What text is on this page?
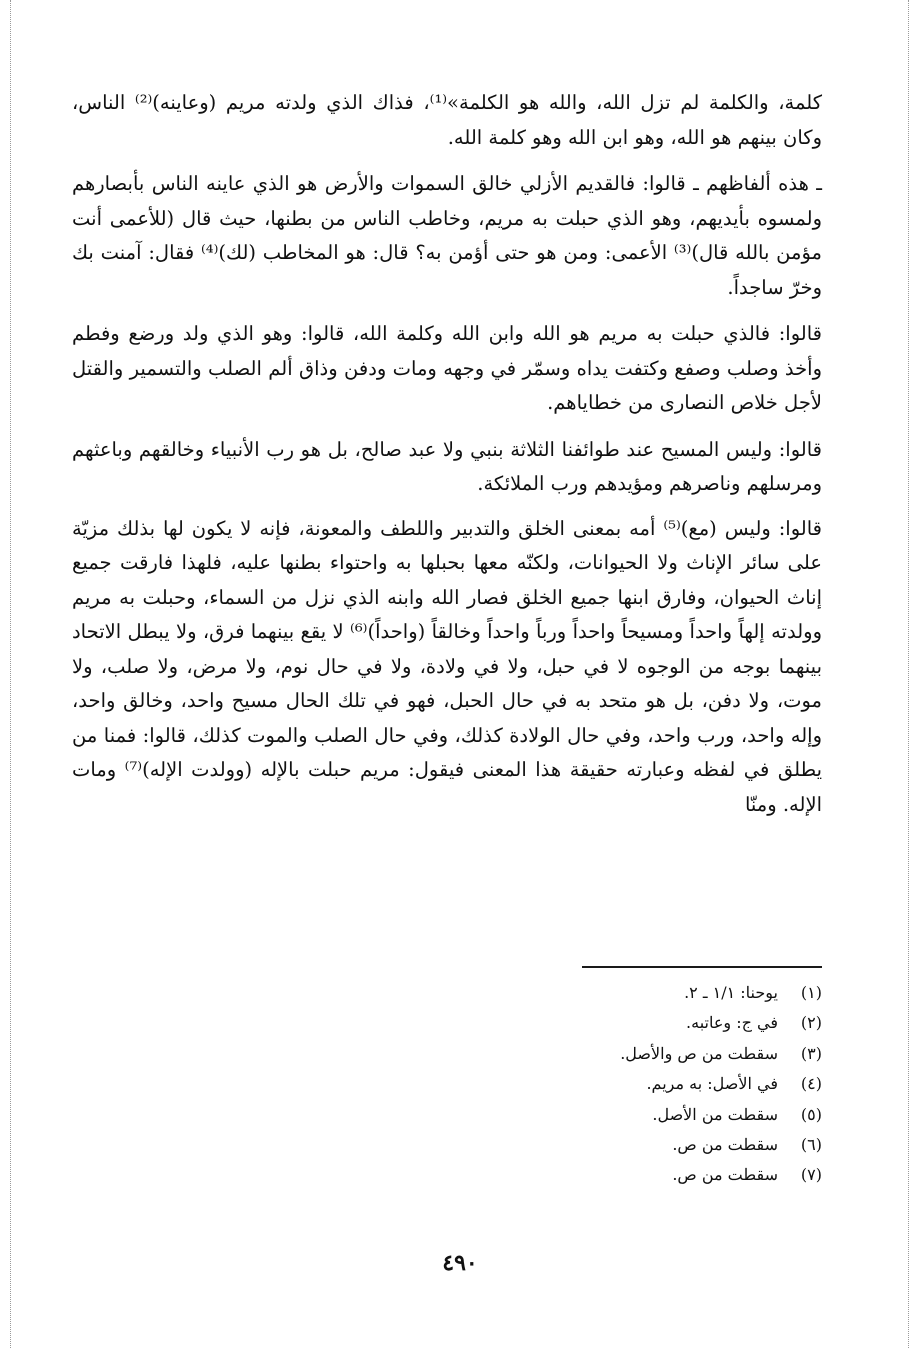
كلمة، والكلمة لم تزل الله، والله هو الكلمة»⁽¹⁾، فذاك الذي ولدته مريم (وعاينه)⁽²⁾ الناس، وكان بينهم هو الله، وهو ابن الله وهو كلمة الله.

ـ هذه ألفاظهم ـ قالوا: فالقديم الأزلي خالق السموات والأرض هو الذي عاينه الناس بأبصارهم ولمسوه بأيديهم، وهو الذي حبلت به مريم، وخاطب الناس من بطنها، حيث قال (للأعمى أنت مؤمن بالله قال)⁽³⁾ الأعمى: ومن هو حتى أؤمن به؟ قال: هو المخاطب (لك)⁽⁴⁾ فقال: آمنت بك وخرّ ساجداً.

قالوا: فالذي حبلت به مريم هو الله وابن الله وكلمة الله، قالوا: وهو الذي ولد ورضع وفطم وأخذ وصلب وصفع وكتفت يداه وسمّر في وجهه ومات ودفن وذاق ألم الصلب والتسمير والقتل لأجل خلاص النصارى من خطاياهم.

قالوا: وليس المسيح عند طوائفنا الثلاثة بنبي ولا عبد صالح، بل هو رب الأنبياء وخالقهم وباعثهم ومرسلهم وناصرهم ومؤيدهم ورب الملائكة.

قالوا: وليس (مع)⁽⁵⁾ أمه بمعنى الخلق والتدبير واللطف والمعونة، فإنه لا يكون لها بذلك مزيّة على سائر الإناث ولا الحيوانات، ولكنّه معها بحبلها به واحتواء بطنها عليه، فلهذا فارقت جميع إناث الحيوان، وفارق ابنها جميع الخلق فصار الله وابنه الذي نزل من السماء، وحبلت به مريم وولدته إلهاً واحداً ومسيحاً واحداً ورباً واحداً وخالقاً (واحداً)⁽⁶⁾ لا يقع بينهما فرق، ولا يبطل الاتحاد بينهما بوجه من الوجوه لا في حبل، ولا في ولادة، ولا في حال نوم، ولا مرض، ولا صلب، ولا موت، ولا دفن، بل هو متحد به في حال الحبل، فهو في تلك الحال مسيح واحد، وخالق واحد، وإله واحد، ورب واحد، وفي حال الولادة كذلك، وفي حال الصلب والموت كذلك، قالوا: فمنا من يطلق في لفظه وعبارته حقيقة هذا المعنى فيقول: مريم حبلت بالإله (وولدت الإله)⁽⁷⁾ ومات الإله. ومنّا

(١)يوحنا: ١/١ ـ ٢.
(٢)في ج: وعاتبه.
(٣)سقطت من ص والأصل.
(٤)في الأصل: به مريم.
(٥)سقطت من الأصل.
(٦)سقطت من ص.
(٧)سقطت من ص.
٤٩٠
